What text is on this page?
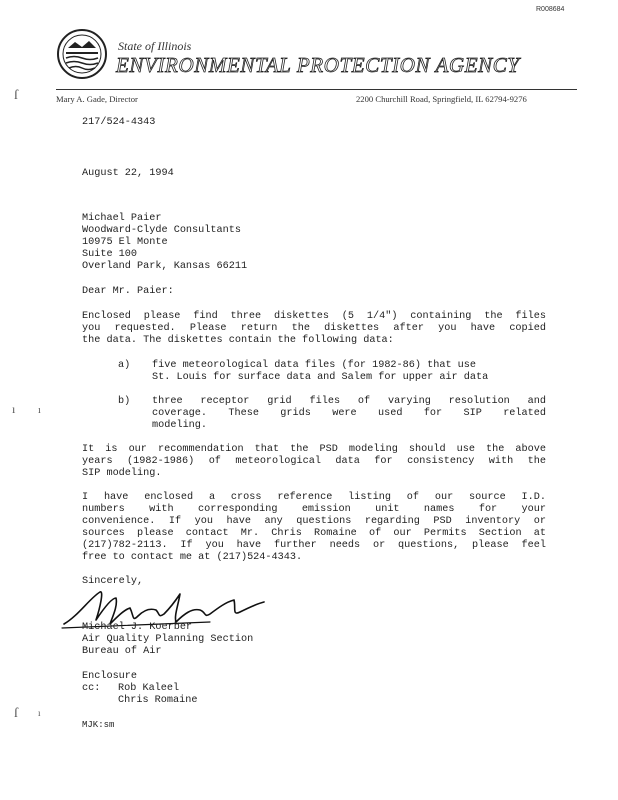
R008684
State of Illinois
ENVIRONMENTAL PROTECTION AGENCY
Mary A. Gade, Director	2200 Churchill Road, Springfield, IL 62794-9276
ſ
ı ı
ſ ı
217/524-4343
August 22, 1994
Michael Paier
Woodward-Clyde Consultants
10975 El Monte
Suite 100
Overland Park, Kansas 66211
Dear Mr. Paier:
Enclosed please find three diskettes (5 1/4") containing the files
you requested. Please return the diskettes after you have copied
the data. The diskettes contain the following data:
a) five meteorological data files (for 1982-86) that use
St. Louis for surface data and Salem for upper air data
b) three receptor grid files of varying resolution and
coverage. These grids were used for SIP related
modeling.
It is our recommendation that the PSD modeling should use the above
years (1982-1986) of meteorological data for consistency with the
SIP modeling.
I have enclosed a cross reference listing of our source I.D.
numbers with corresponding emission unit names for your
convenience. If you have any questions regarding PSD inventory or
sources please contact Mr. Chris Romaine of our Permits Section at
(217)782-2113. If you have further needs or questions, please feel
free to contact me at (217)524-4343.
Sincerely,
Michael J. Koerber
Air Quality Planning Section
Bureau of Air
Enclosure
cc: Rob Kaleel
Chris Romaine
MJK:sm
